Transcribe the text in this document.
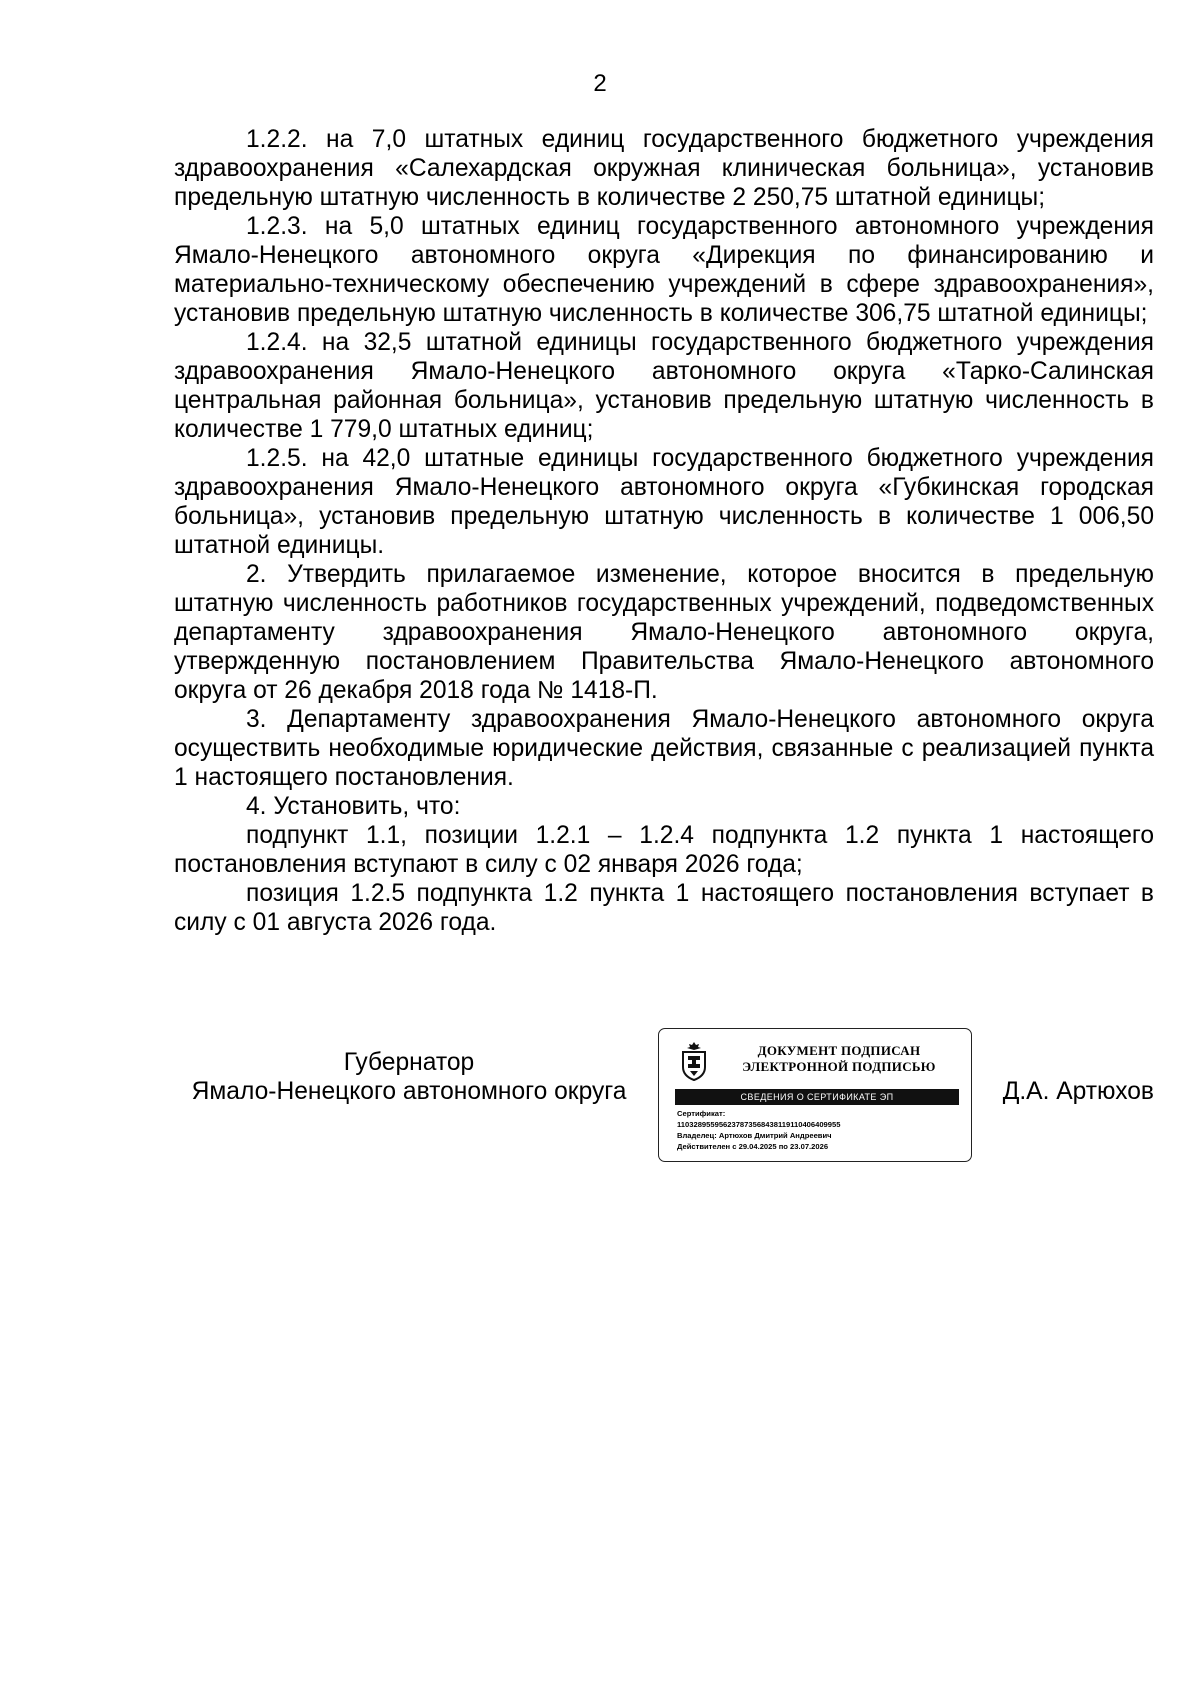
2

1.2.2. на 7,0 штатных единиц государственного бюджетного учреждения здравоохранения «Салехардская окружная клиническая больница», установив предельную штатную численность в количестве 2 250,75 штатной единицы;

1.2.3. на 5,0 штатных единиц государственного автономного учреждения Ямало-Ненецкого автономного округа «Дирекция по финансированию и материально-техническому обеспечению учреждений в сфере здравоохранения», установив предельную штатную численность в количестве 306,75 штатной единицы;

1.2.4. на 32,5 штатной единицы государственного бюджетного учреждения здравоохранения Ямало-Ненецкого автономного округа «Тарко-Салинская центральная районная больница», установив предельную штатную численность в количестве 1 779,0 штатных единиц;

1.2.5. на 42,0 штатные единицы государственного бюджетного учреждения здравоохранения Ямало-Ненецкого автономного округа «Губкинская городская больница», установив предельную штатную численность в количестве 1 006,50 штатной единицы.

2. Утвердить прилагаемое изменение, которое вносится в предельную штатную численность работников государственных учреждений, подведомственных департаменту здравоохранения Ямало-Ненецкого автономного округа, утвержденную постановлением Правительства Ямало-Ненецкого автономного округа от 26 декабря 2018 года № 1418-П.

3. Департаменту здравоохранения Ямало-Ненецкого автономного округа осуществить необходимые юридические действия, связанные с реализацией пункта 1 настоящего постановления.

4. Установить, что:

подпункт 1.1, позиции 1.2.1 – 1.2.4 подпункта 1.2 пункта 1 настоящего постановления вступают в силу с 02 января 2026 года;

позиция 1.2.5 подпункта 1.2 пункта 1 настоящего постановления вступает в силу с 01 августа 2026 года.

Губернатор
Ямало-Ненецкого автономного округа
ДОКУМЕНТ ПОДПИСАН
ЭЛЕКТРОННОЙ ПОДПИСЬЮ
СВЕДЕНИЯ О СЕРТИФИКАТЕ ЭП
Сертификат:
110328955956237873568438119110406409955
Владелец: Артюхов Дмитрий Андреевич
Действителен с 29.04.2025 по 23.07.2026
Д.А. Артюхов
